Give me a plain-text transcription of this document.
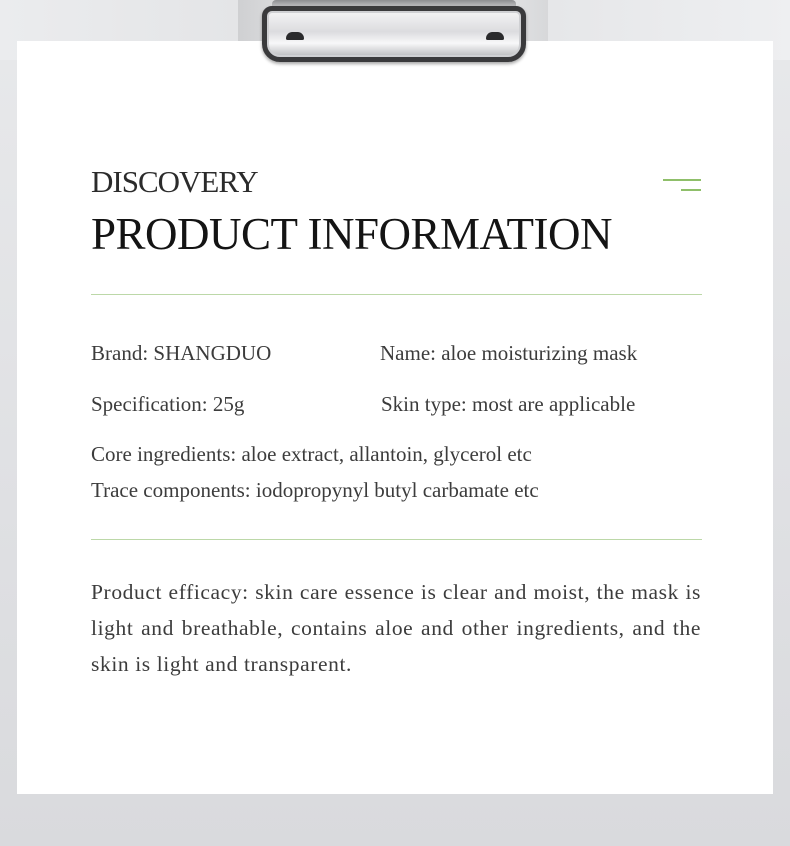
DISCOVERY
PRODUCT INFORMATION
Brand: SHANGDUO	Name: aloe moisturizing mask
Specification: 25g	Skin type: most are applicable
Core ingredients: aloe extract, allantoin, glycerol etc
Trace components: iodopropynyl butyl carbamate etc
Product efficacy: skin care essence is clear and moist, the mask is light and breathable, contains aloe and other ingredients, and the skin is light and transparent.
